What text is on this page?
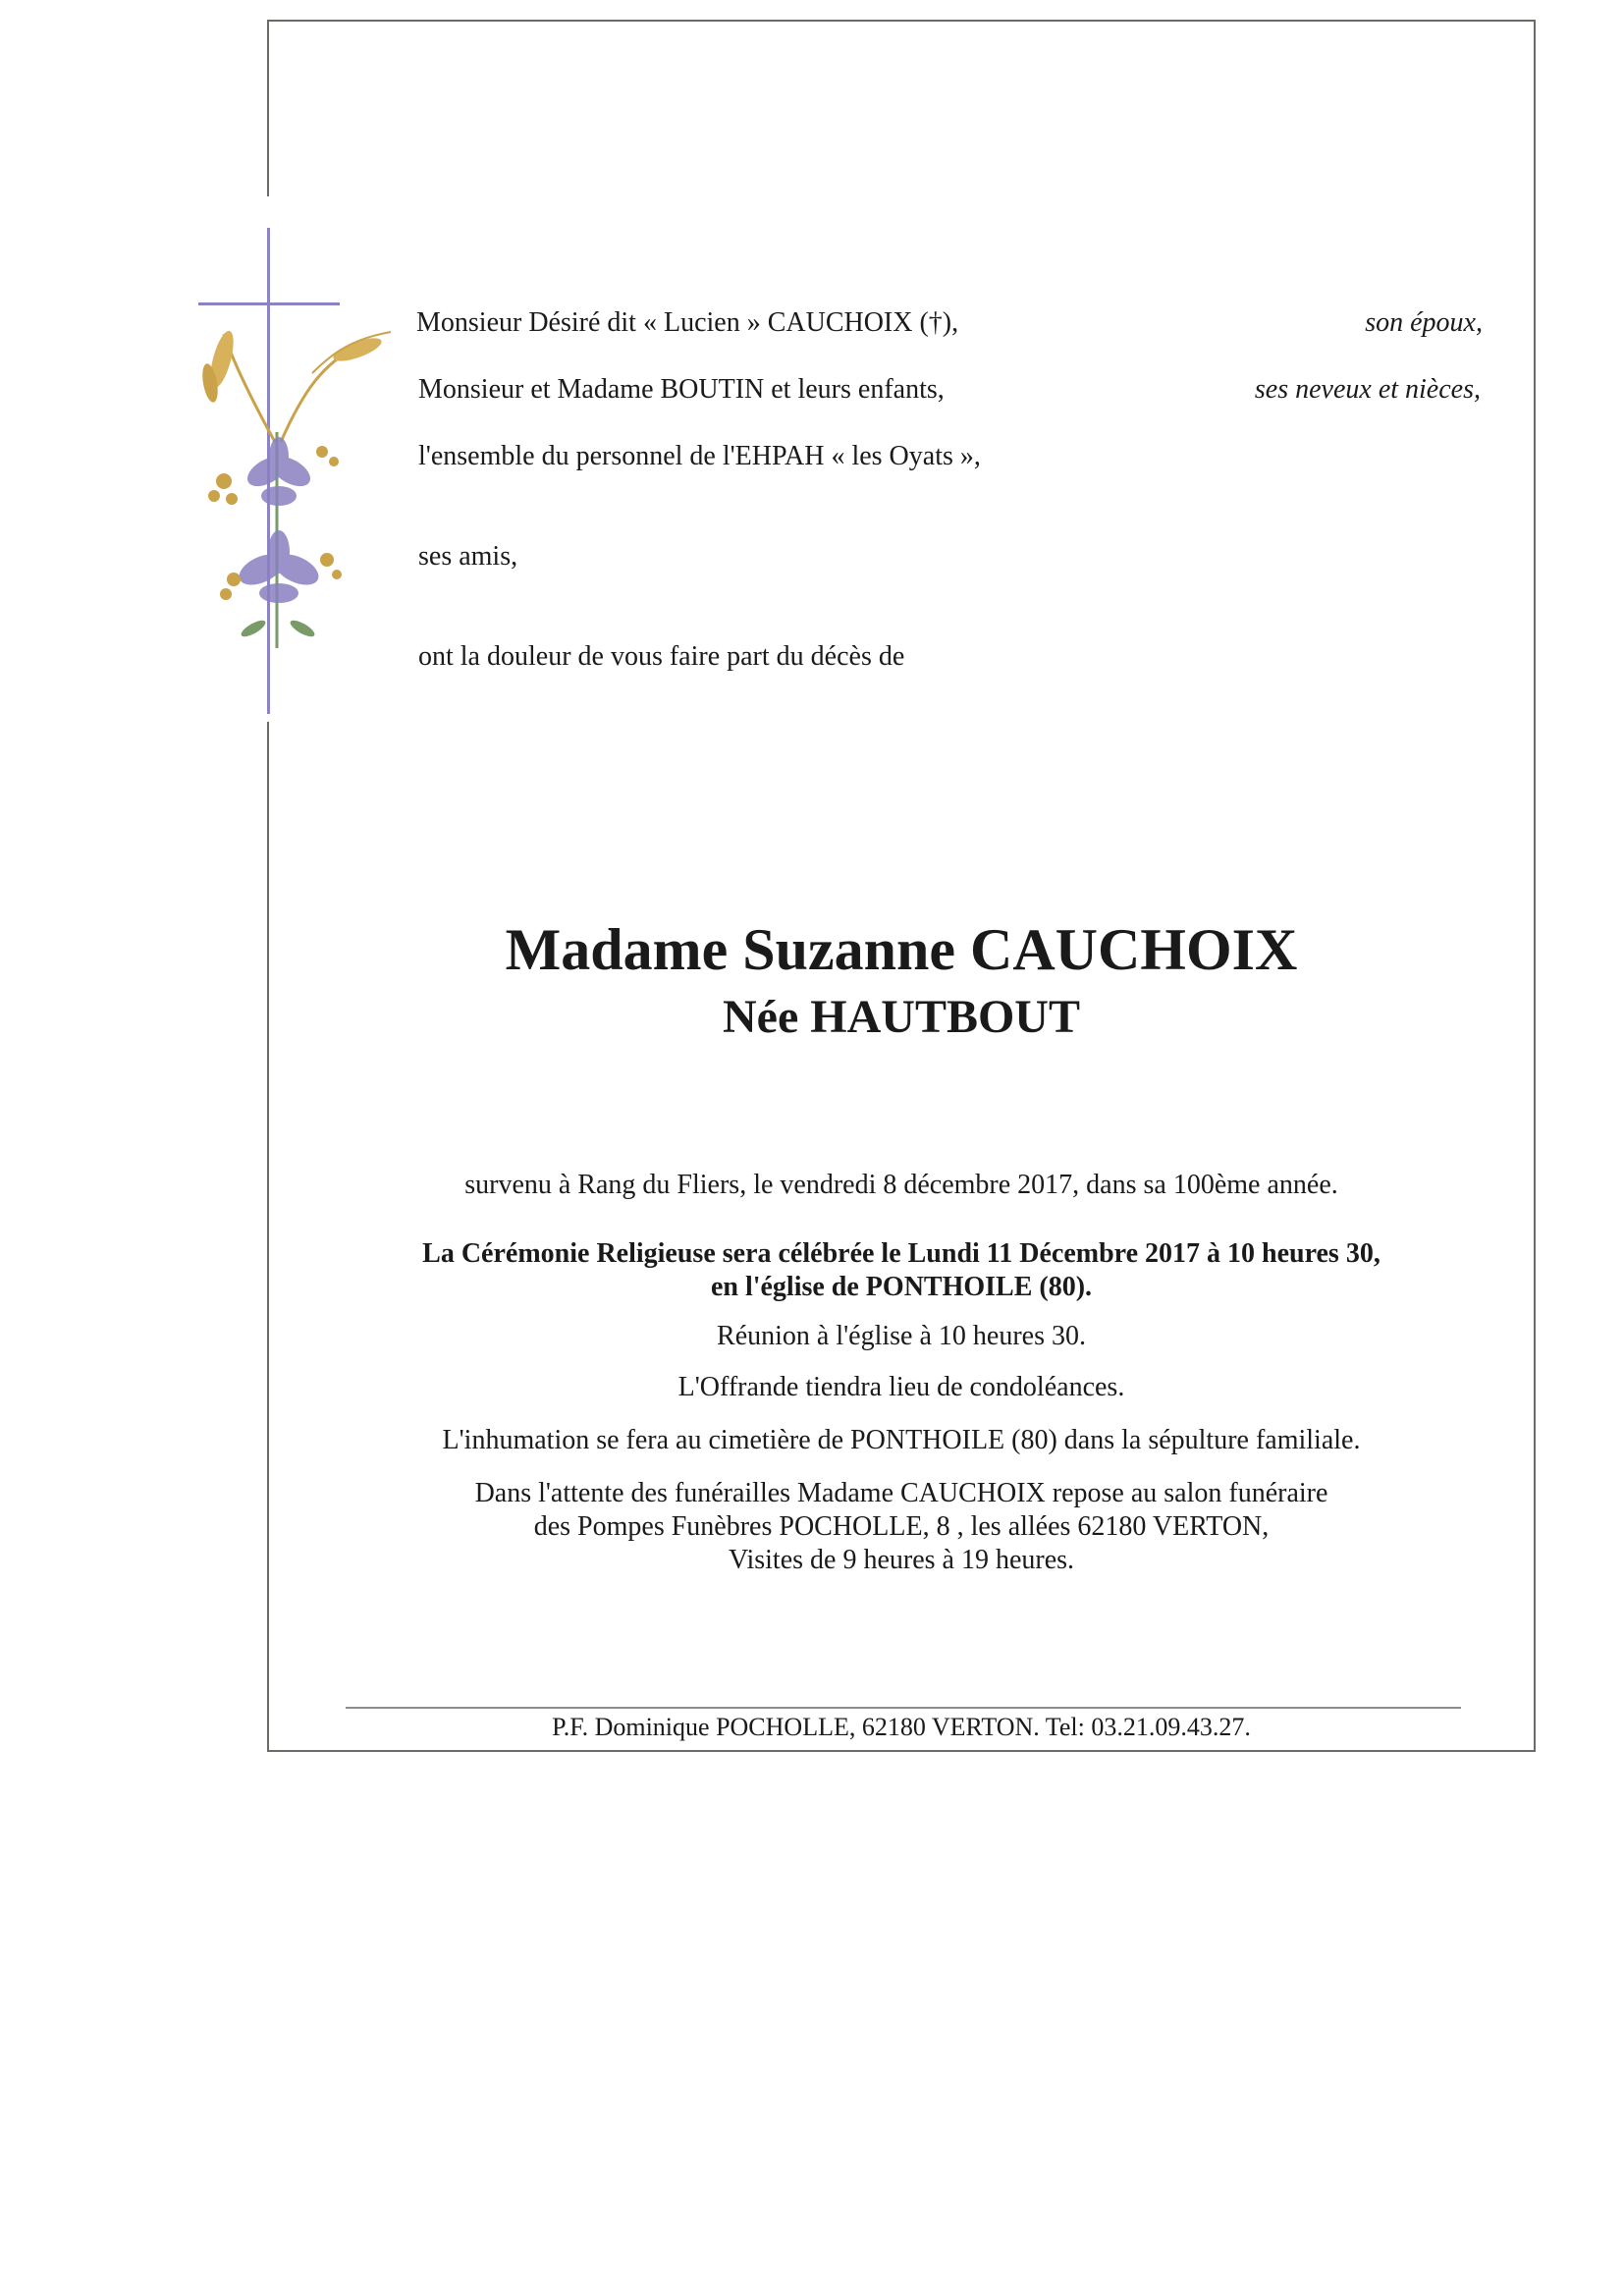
Monsieur Désiré dit « Lucien » CAUCHOIX (†),	son époux,
Monsieur et Madame BOUTIN et leurs enfants,	ses neveux et nièces,
l'ensemble du personnel de l'EHPAH « les Oyats »,
ses amis,
ont la douleur de vous faire part du décès de
Madame Suzanne CAUCHOIX
Née HAUTBOUT
survenu à Rang du Fliers, le vendredi 8 décembre 2017, dans sa 100ème année.
La Cérémonie Religieuse sera célébrée le Lundi 11 Décembre 2017 à 10 heures 30,
en l'église de PONTHOILE (80).
Réunion à l'église à 10 heures 30.
L'Offrande tiendra lieu de condoléances.
L'inhumation se fera au cimetière de PONTHOILE (80) dans la sépulture familiale.
Dans l'attente des funérailles Madame CAUCHOIX repose au salon funéraire
des Pompes Funèbres POCHOLLE, 8 , les allées 62180 VERTON,
Visites de 9 heures à 19 heures.
P.F. Dominique POCHOLLE, 62180 VERTON. Tel: 03.21.09.43.27.
